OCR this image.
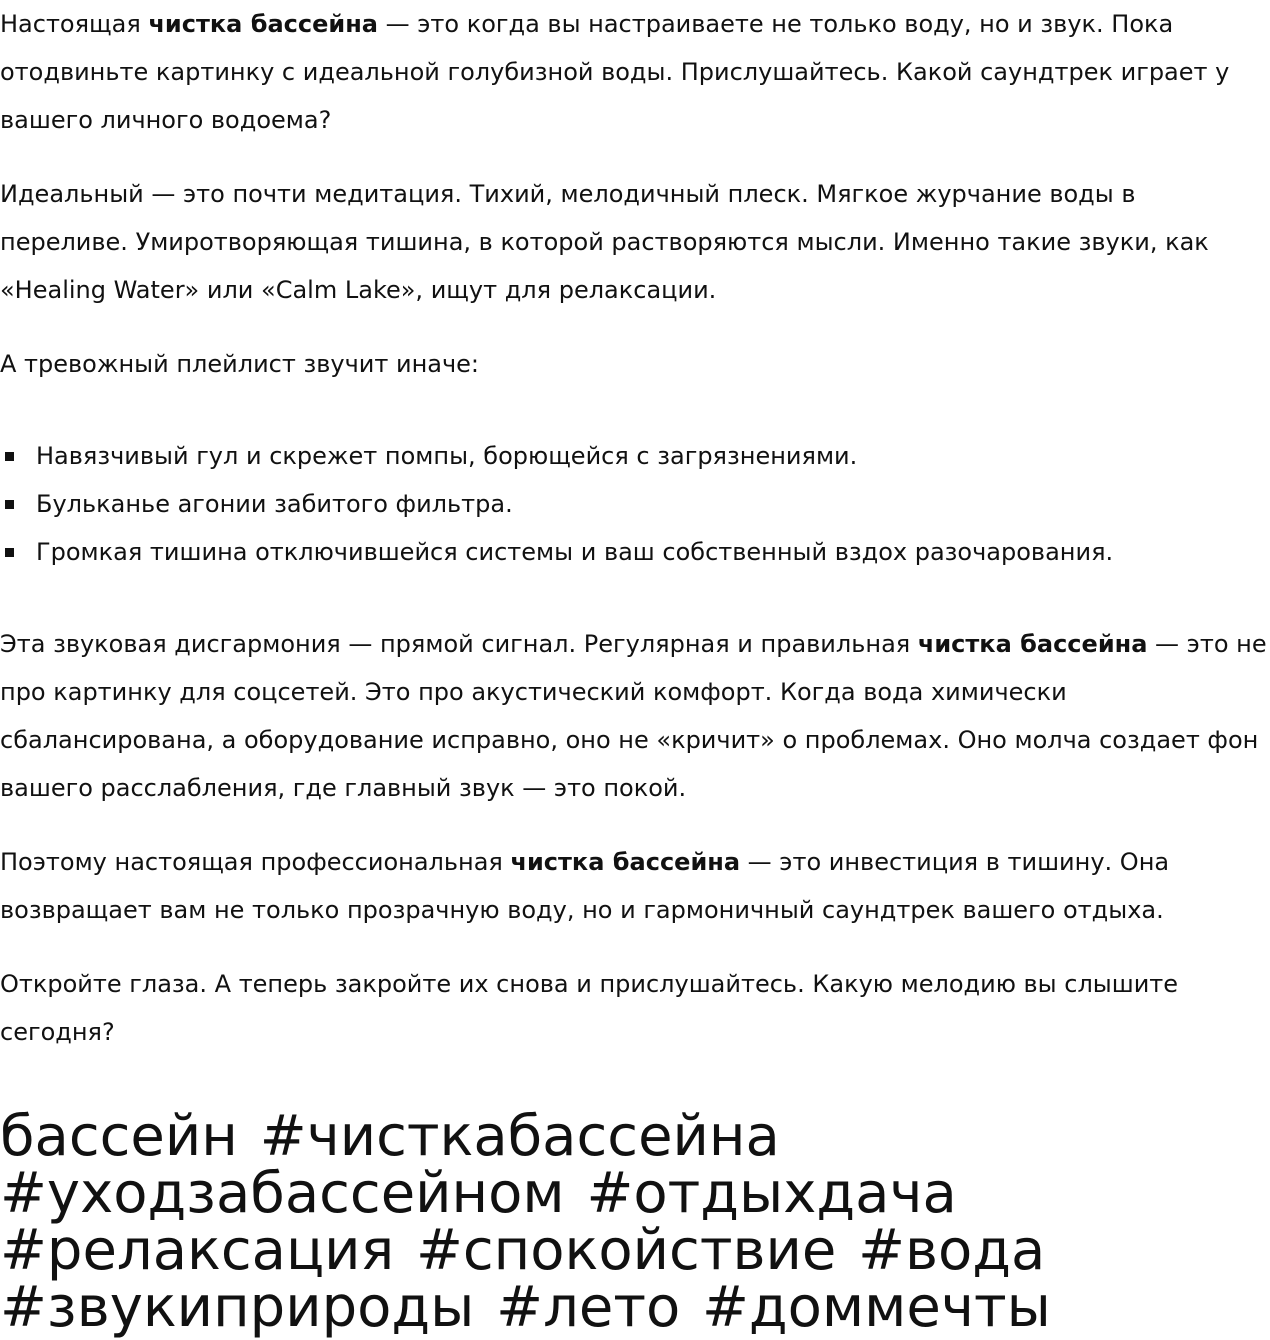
Настоящая чистка бассейна — это когда вы настраиваете не только воду, но и звук. Пока отодвиньте картинку с идеальной голубизной воды. Прислушайтесь. Какой саундтрек играет у вашего личного водоема?

Идеальный — это почти медитация. Тихий, мелодичный плеск. Мягкое журчание воды в переливе. Умиротворяющая тишина, в которой растворяются мысли. Именно такие звуки, как «Healing Water» или «Calm Lake», ищут для релаксации.

А тревожный плейлист звучит иначе:

Навязчивый гул и скрежет помпы, борющейся с загрязнениями.
Бульканье агонии забитого фильтра.
Громкая тишина отключившейся системы и ваш собственный вздох разочарования.

Эта звуковая дисгармония — прямой сигнал. Регулярная и правильная чистка бассейна — это не про картинку для соцсетей. Это про акустический комфорт. Когда вода химически сбалансирована, а оборудование исправно, оно не «кричит» о проблемах. Оно молча создает фон вашего расслабления, где главный звук — это покой.

Поэтому настоящая профессиональная чистка бассейна — это инвестиция в тишину. Она возвращает вам не только прозрачную воду, но и гармоничный саундтрек вашего отдыха.

Откройте глаза. А теперь закройте их снова и прислушайтесь. Какую мелодию вы слышите сегодня?

бассейн #чисткабассейна #уходзабассейном #отдыхдача #релаксация #спокойствие #вода #звукиприроды #лето #доммечты
